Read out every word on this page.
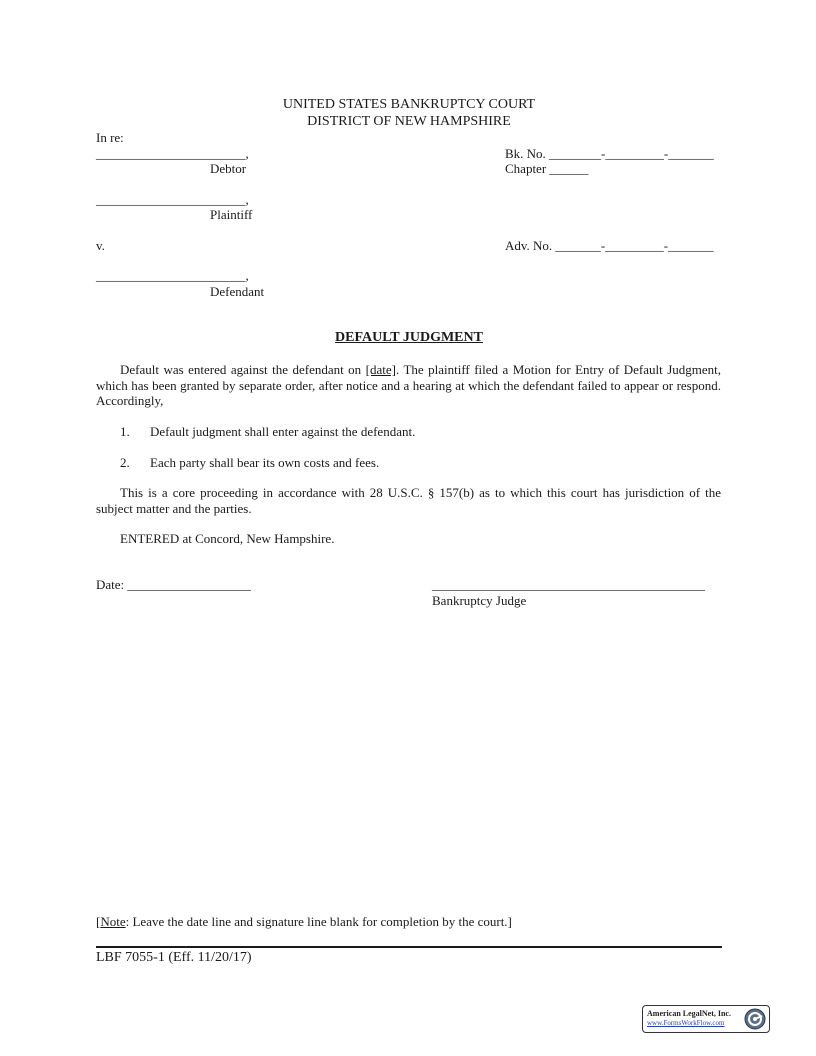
UNITED STATES BANKRUPTCY COURT
DISTRICT OF NEW HAMPSHIRE
In re:
_______________________,
Debtor
_______________________,
Plaintiff
v.
_______________________,
Defendant
Bk. No. ________-_________-_______
Chapter ______
Adv. No. _______-_________-_______
DEFAULT JUDGMENT
Default was entered against the defendant on [date]. The plaintiff filed a Motion for Entry of Default Judgment, which has been granted by separate order, after notice and a hearing at which the defendant failed to appear or respond. Accordingly,
1. Default judgment shall enter against the defendant.
2. Each party shall bear its own costs and fees.
This is a core proceeding in accordance with 28 U.S.C. § 157(b) as to which this court has jurisdiction of the subject matter and the parties.
ENTERED at Concord, New Hampshire.
Date: ___________________	__________________________________________
Bankruptcy Judge
[Note: Leave the date line and signature line blank for completion by the court.]
LBF 7055-1 (Eff. 11/20/17)
American LegalNet, Inc.
www.FormsWorkFlow.com
